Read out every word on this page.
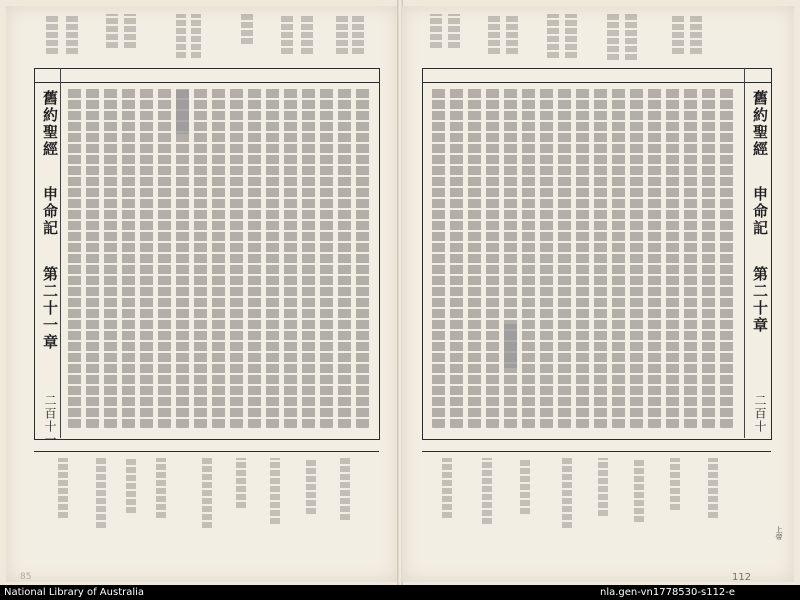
舊約聖經
申命記
第二十一章
二百十一
85
舊約聖經
申命記
第二十章
二百十
上帝
112
National Library of Australia	nla.gen-vn1778530-s112-e
